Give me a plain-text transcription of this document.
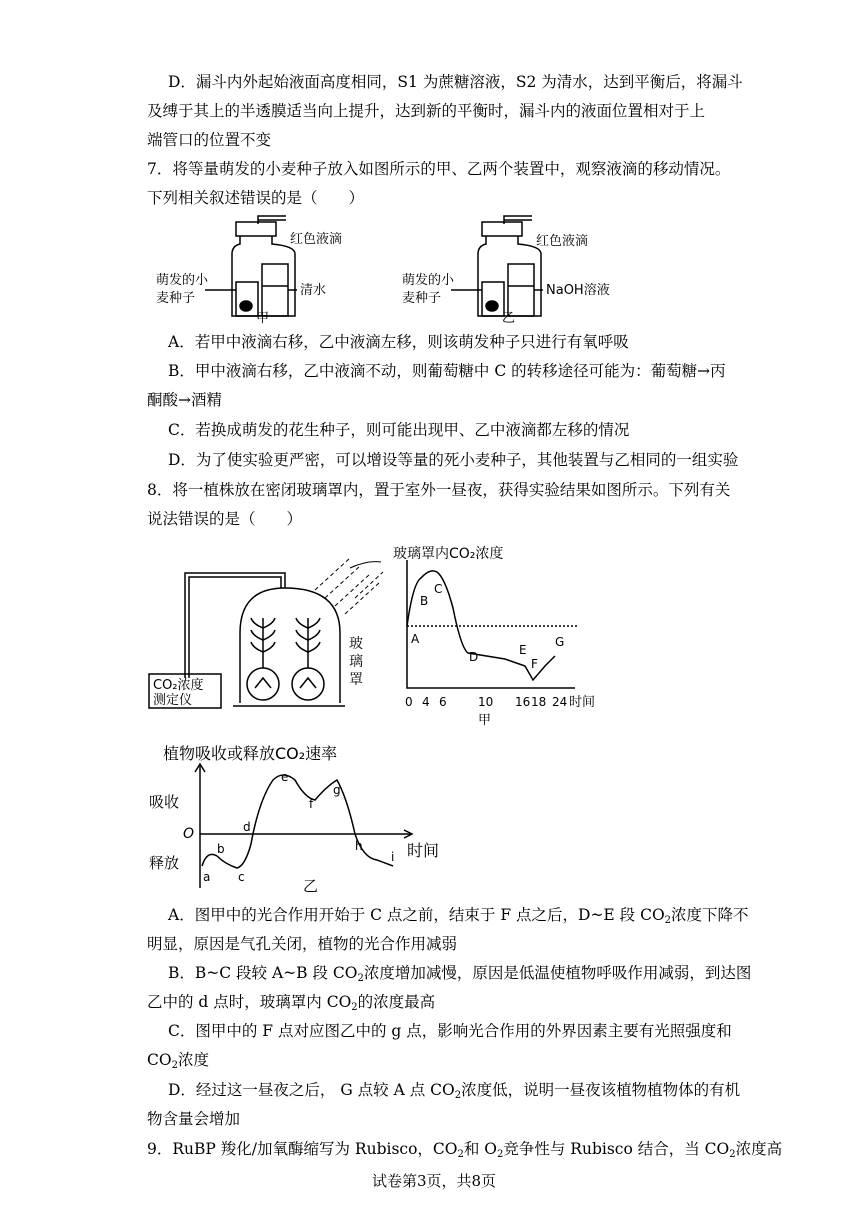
D．漏斗内外起始液面高度相同，S1 为蔗糖溶液，S2 为清水，达到平衡后，将漏斗
及缚于其上的半透膜适当向上提升，达到新的平衡时，漏斗内的液面位置相对于上
端管口的位置不变
7．将等量萌发的小麦种子放入如图所示的甲、乙两个装置中，观察液滴的移动情况。
下列相关叙述错误的是（　　）
红色液滴
萌发的小
麦种子
清水
甲
红色液滴
萌发的小
麦种子
NaOH溶液
乙
A．若甲中液滴右移，乙中液滴左移，则该萌发种子只进行有氧呼吸
B．甲中液滴右移，乙中液滴不动，则葡萄糖中 C 的转移途径可能为：葡萄糖→丙
酮酸→酒精
C．若换成萌发的花生种子，则可能出现甲、乙中液滴都左移的情况
D．为了使实验更严密，可以增设等量的死小麦种子，其他装置与乙相同的一组实验
8．将一植株放在密闭玻璃罩内，置于室外一昼夜，获得实验结果如图所示。下列有关
说法错误的是（　　）
CO₂浓度
测定仪
玻
璃
罩
玻璃罩内CO₂浓度
A
B
C
D	E
F
G
0 4 6	10 16 18 24 时间
甲
植物吸收或释放CO₂速率
吸收
释放
O
时间
乙
a
b
c
d
e
f
g
h
i
A．图甲中的光合作用开始于 C 点之前，结束于 F 点之后，D~E 段 $CO_2$浓度下降不
明显，原因是气孔关闭，植物的光合作用减弱
B．B~C 段较 A~B 段 $CO_2$浓度增加减慢，原因是低温使植物呼吸作用减弱，到达图
乙中的 d 点时，玻璃罩内 $CO_2$的浓度最高
C．图甲中的 F 点对应图乙中的 g 点，影响光合作用的外界因素主要有光照强度和
$CO_2$浓度
D．经过这一昼夜之后， G 点较 A 点 $CO_2$浓度低，说明一昼夜该植物植物体的有机
物含量会增加
9．RuBP 羧化/加氧酶缩写为 Rubisco，$CO_2$和 $O_2$竞争性与 Rubisco 结合，当 $CO_2$浓度高
试卷第3页，共8页
